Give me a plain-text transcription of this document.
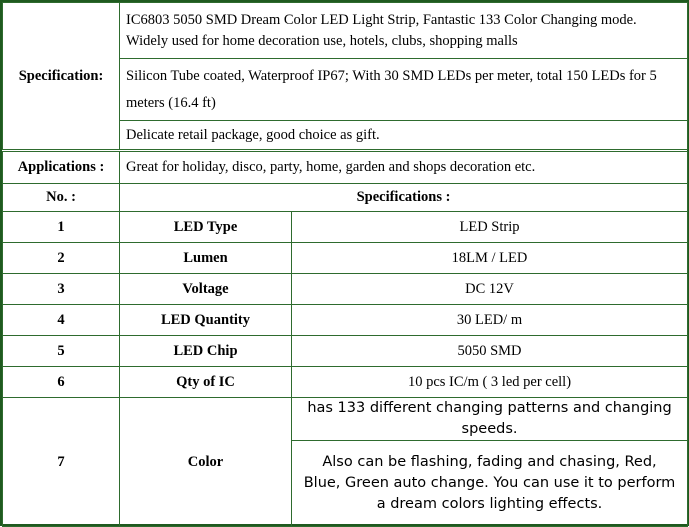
Specification:	IC6803 5050 SMD Dream Color LED Light Strip, Fantastic 133 Color Changing mode. Widely used for home decoration use, hotels, clubs, shopping malls	
	Silicon Tube coated, Waterproof IP67; With 30 SMD LEDs per meter, total 150 LEDs for 5 meters (16.4 ft)	
	Delicate retail package, good choice as gift.	
Applications :	Great for holiday, disco, party, home, garden and shops decoration etc.	
No. :	Specifications :	
1	LED Type	LED Strip
2	Lumen	18LM / LED
3	Voltage	DC 12V
4	LED Quantity	30 LED/ m
5	LED Chip	5050 SMD
6	Qty of IC	10 pcs IC/m ( 3 led per cell)
7	Color	has 133 different changing patterns and changing speeds.
		Also can be flashing, fading and chasing, Red, Blue, Green auto change. You can use it to perform a dream colors lighting effects.
